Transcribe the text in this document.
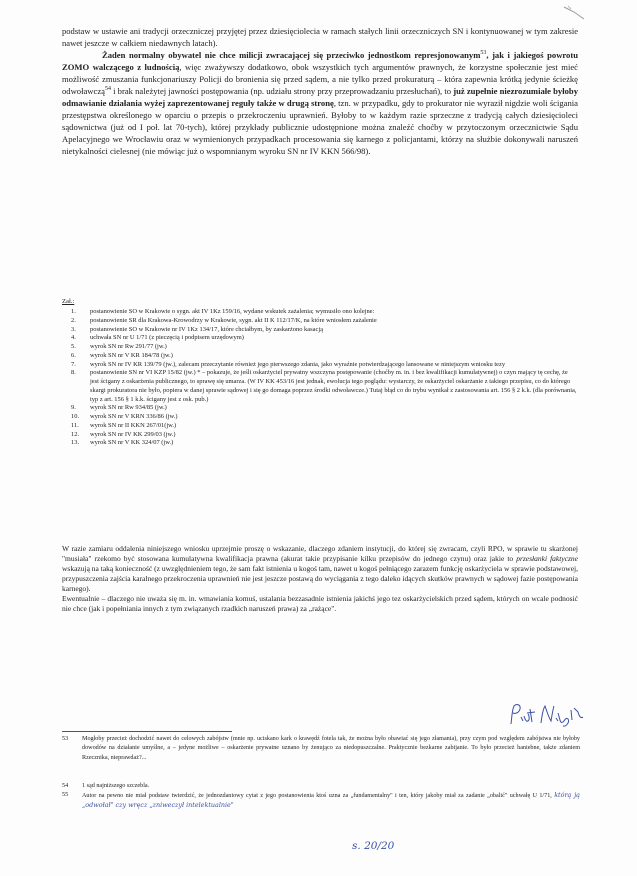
podstaw w ustawie ani tradycji orzeczniczej przyjętej przez dziesięciolecia w ramach stałych linii orzeczniczych SN i kontynuowanej w tym zakresie nawet jeszcze w całkiem niedawnych latach).

Żaden normalny obywatel nie chce milicji zwracającej się przeciwko jednostkom represjonowanym$^{53}$, jak i jakiegoś powrotu ZOMO walczącego z ludnością, więc zważywszy dodatkowo, obok wszystkich tych argumentów prawnych, że korzystne społecznie jest mieć możliwość zmuszania funkcjonariuszy Policji do bronienia się przed sądem, a nie tylko przed prokuraturą – która zapewnia krótką jedynie ścieżkę odwoławczą$^{54}$ i brak należytej jawności postępowania (np. udziału strony przy przeprowadzaniu przesłuchań), to już zupełnie niezrozumiałe byłoby odmawianie działania wyżej zaprezentowanej reguły także w drugą stronę, tzn. w przypadku, gdy to prokurator nie wyraził nigdzie woli ścigania przestępstwa określonego w oparciu o przepis o przekroczeniu uprawnień. Byłoby to w każdym razie sprzeczne z tradycją całych dziesięcioleci sądownictwa (już od I poł. lat 70-tych), której przykłady publicznie udostępnione można znaleźć choćby w przytoczonym orzecznictwie Sądu Apelacyjnego we Wrocławiu oraz w wymienionych przypadkach procesowania się karnego z policjantami, którzy na służbie dokonywali naruszeń nietykalności cielesnej (nie mówiąc już o wspomnianym wyroku SN nr IV KKN 566/98).

Zał.:
1. postanowienie SO w Krakowie o sygn. akt IV 1Kz 159/16, wydane wskutek zażalenia; wymusiło ono kolejne:
2. postanowienie SR dla Krakowa-Krowodrzy w Krakowie, sygn. akt II K 112/17/K, na które wniosłem zażalenie
3. postanowienie SO w Krakowie nr IV 1Kz 134/17, które chciałbym, by zaskarżono kasacją
4. uchwała SN nr U 1/71 (z pieczęcią i podpisem urzędowym)
5. wyrok SN nr Rw 291/77 (jw.)
6. wyrok SN nr V KR 184/78 (jw.)
7. wyrok SN nr IV KR 139/79 (jw.), zalecam przeczytanie również jego pierwszego zdania, jako wyraźnie potwierdzającego lansowane w niniejszym wniosku tezy
8. postanowienie SN nr VI KZP 15/82 (jw.) * – pokazuje, że jeśli oskarżyciel prywatny wszczyna postępowanie (choćby m. in. i bez kwalifikacji kumulatywnej) o czyn mający tę cechę, że jest ścigany z oskarżenia publicznego, to sprawę się umarza. (W IV KK 453/16 jest jednak, ewolucja tego poglądu: wystarczy, że oskarżyciel oskarżanie z takiego przepisu, co do którego skargi prokuratora nie było, popiera w danej sprawie sądowej i się go domaga poprzez środki odwoławcze.) Tutaj błąd co do trybu wynikał z zastosowania art. 156 § 2 k.k. (dla porównania, typ z art. 156 § 1 k.k. ścigany jest z osk. pub.)
9. wyrok SN nr Rw 934/85 (jw.)
10. wyrok SN nr V KRN 336/86 (jw.)
11. wyrok SN nr II KKN 267/01(jw.)
12. wyrok SN nr IV KK 299/03 (jw.)
13. wyrok SN nr V KK 324/07 (jw.)

W razie zamiaru oddalenia niniejszego wniosku uprzejmie proszę o wskazanie, dlaczego zdaniem instytucji, do której się zwracam, czyli RPO, w sprawie tu skarżonej "musiała" rzekomo być stosowana kumulatywna kwalifikacja prawna (akurat takie przypisanie kilku przepisów do jednego czynu) oraz jakie to przesłanki faktyczne wskazują na taką konieczność (z uwzględnieniem tego, że sam fakt istnienia u kogoś tam, nawet u kogoś pełniącego zarazem funkcję oskarżyciela w sprawie podstawowej, przypuszczenia zajścia karalnego przekroczenia uprawnień nie jest jeszcze postawą do wyciągania z tego daleko idących skutków prawnych w sądowej fazie postępowania karnego).

Ewentualnie – dlaczego nie uważa się m. in. wmawiania komuś, ustalania bezzasadnie istnienia jakichś jego tez oskarżycielskich przed sądem, których on wcale podnosić nie chce (jak i popełniania innych z tym związanych rzadkich naruszeń prawa) za „rażące".

53 Mogłoby przecież dochodzić nawet do celowych zabójstw (mnie np. uciskano kark o krawędź fotela tak, że można było obawiać się jego złamania), przy czym pod względem zabójstwa nie byłoby dowodów na działanie umyślne, a – jedyne możliwe – oskarżenie prywatne uznano by żenująco za niedopuszczalne. Praktycznie bezkarne zabijanie. To było przecież haniebne, także zdaniem Rzecznika, nieprawdaż?...
54 1 sąd najniższego szczebla.
55 Autor na pewno nie miał podstaw twierdzić, że jednozdaniowy cytat z jego postanowienia ktoś uzna za „fundamentalny" i ten, który jakoby miał za zadanie „obalić" uchwałę U 1/71, którą ją „odwołał" czy wręcz „zniweczył intelektualnie"
s. 20/20
